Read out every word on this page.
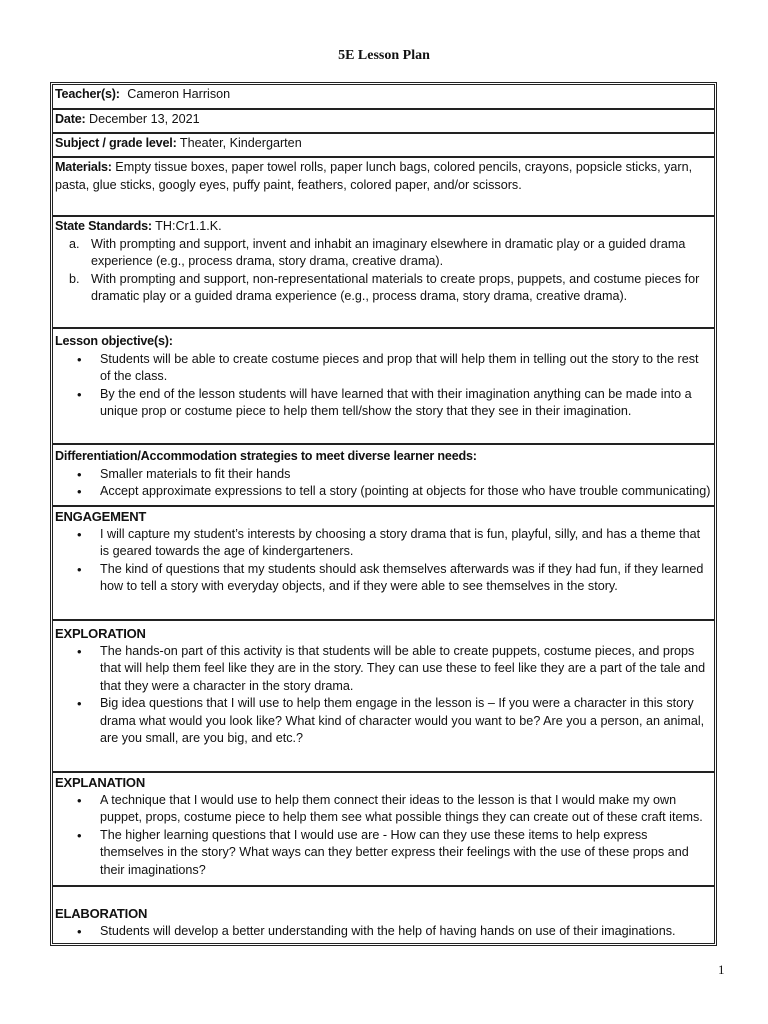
5E Lesson Plan
Teacher(s): Cameron Harrison
Date: December 13, 2021
Subject / grade level: Theater, Kindergarten
Materials: Empty tissue boxes, paper towel rolls, paper lunch bags, colored pencils, crayons, popsicle sticks, yarn, pasta, glue sticks, googly eyes, puffy paint, feathers, colored paper, and/or scissors.
State Standards: TH:Cr1.1.K.
a. With prompting and support, invent and inhabit an imaginary elsewhere in dramatic play or a guided drama experience (e.g., process drama, story drama, creative drama).
b. With prompting and support, non-representational materials to create props, puppets, and costume pieces for dramatic play or a guided drama experience (e.g., process drama, story drama, creative drama).
Lesson objective(s):
• Students will be able to create costume pieces and prop that will help them in telling out the story to the rest of the class.
• By the end of the lesson students will have learned that with their imagination anything can be made into a unique prop or costume piece to help them tell/show the story that they see in their imagination.
Differentiation/Accommodation strategies to meet diverse learner needs:
• Smaller materials to fit their hands
• Accept approximate expressions to tell a story (pointing at objects for those who have trouble communicating)
ENGAGEMENT
• I will capture my student’s interests by choosing a story drama that is fun, playful, silly, and has a theme that is geared towards the age of kindergarteners.
• The kind of questions that my students should ask themselves afterwards was if they had fun, if they learned how to tell a story with everyday objects, and if they were able to see themselves in the story.
EXPLORATION
• The hands-on part of this activity is that students will be able to create puppets, costume pieces, and props that will help them feel like they are in the story. They can use these to feel like they are a part of the tale and that they were a character in the story drama.
• Big idea questions that I will use to help them engage in the lesson is – If you were a character in this story drama what would you look like? What kind of character would you want to be? Are you a person, an animal, are you small, are you big, and etc.?
EXPLANATION
• A technique that I would use to help them connect their ideas to the lesson is that I would make my own puppet, props, costume piece to help them see what possible things they can create out of these craft items.
• The higher learning questions that I would use are - How can they use these items to help express themselves in the story? What ways can they better express their feelings with the use of these props and their imaginations?
ELABORATION
• Students will develop a better understanding with the help of having hands on use of their imaginations.
1
